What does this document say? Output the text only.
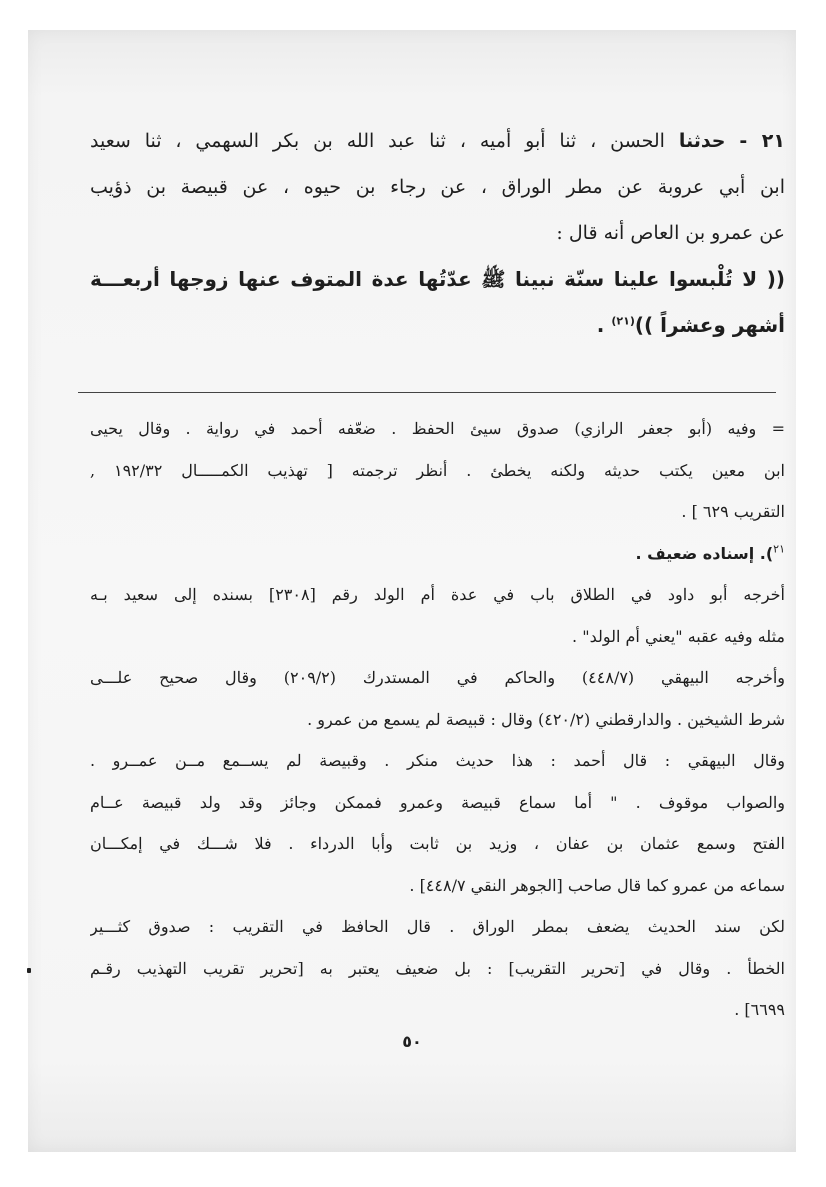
٢١ - حدثنا الحسن ، ثنا أبو أميه ، ثنا عبد الله بن بكر السهمي ، ثنا سعيد
ابن أبي عروبة عن مطر الوراق ، عن رجاء بن حيوه ، عن قبيصة بن ذؤيب
عن عمرو بن العاص أنه قال :
(( لا تُلْبسوا علينا سنّة نبينا ﷺ عدّتُها عدة المتوف عنها زوجها أربعـــة
أشهر وعشراً ))$^{(٢١)}$ .
= وفيه (أبو جعفر الرازي) صدوق سيئ الحفظ . ضعّفه أحمد في رواية . وقال يحيى
ابن معين يكتب حديثه ولكنه يخطئ . أنظر ترجمته [ تهذيب الكمـــــال ١٩٢/٣٢ ,
التقريب ٦٢٩ ] .
$^{٢١}$). إسناده ضعيف .
أخرجه أبو داود في الطلاق باب في عدة أم الولد رقم [٢٣٠٨] بسنده إلى سعيد بـه
مثله وفيه عقبه "يعني أم الولد" .
وأخرجه البيهقي (٤٤٨/٧) والحاكم في المستدرك (٢٠٩/٢) وقال صحيح علـــى
شرط الشيخين . والدارقطني (٤٢٠/٢) وقال : قبيصة لم يسمع من عمرو .
وقال البيهقي : قال أحمد : هذا حديث منكر . وقبيصة لم يســمع مــن عمــرو .
والصواب موقوف . " أما سماع قبيصة وعمرو فممكن وجائز وقد ولد قبيصة عــام
الفتح وسمع عثمان بن عفان ، وزيد بن ثابت وأبا الدرداء . فلا شـــك في إمكـــان
سماعه من عمرو كما قال صاحب [الجوهر النقي ٤٤٨/٧] .
لكن سند الحديث يضعف بمطر الوراق . قال الحافظ في التقريب : صدوق كثـــير
الخطأ . وقال في [تحرير التقريب] : بل ضعيف يعتبر به [تحرير تقريب التهذيب رقـم
٦٦٩٩] .
٥٠
